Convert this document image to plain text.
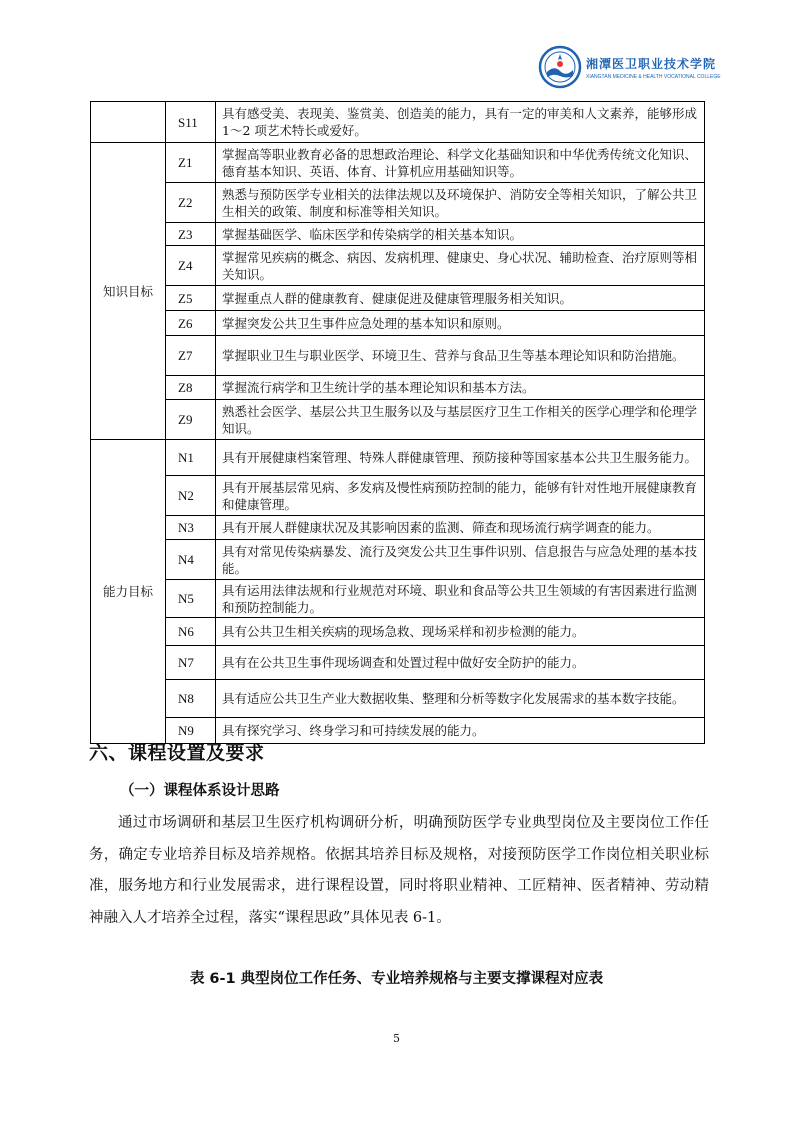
湘潭医卫职业技术学院
XIANGTAN MEDICINE & HEALTH VOCATIONAL COLLEGE
	S11	具有感受美、表现美、鉴赏美、创造美的能力，具有一定的审美和人文素养，能够形成 1～2 项艺术特长或爱好。
知识目标	Z1	掌握高等职业教育必备的思想政治理论、科学文化基础知识和中华优秀传统文化知识、德育基本知识、英语、体育、计算机应用基础知识等。
	Z2	熟悉与预防医学专业相关的法律法规以及环境保护、消防安全等相关知识，了解公共卫生相关的政策、制度和标准等相关知识。
	Z3	掌握基础医学、临床医学和传染病学的相关基本知识。
	Z4	掌握常见疾病的概念、病因、发病机理、健康史、身心状况、辅助检查、治疗原则等相关知识。
	Z5	掌握重点人群的健康教育、健康促进及健康管理服务相关知识。
	Z6	掌握突发公共卫生事件应急处理的基本知识和原则。
	Z7	掌握职业卫生与职业医学、环境卫生、营养与食品卫生等基本理论知识和防治措施。
	Z8	掌握流行病学和卫生统计学的基本理论知识和基本方法。
	Z9	熟悉社会医学、基层公共卫生服务以及与基层医疗卫生工作相关的医学心理学和伦理学知识。
能力目标	N1	具有开展健康档案管理、特殊人群健康管理、预防接种等国家基本公共卫生服务能力。
	N2	具有开展基层常见病、多发病及慢性病预防控制的能力，能够有针对性地开展健康教育和健康管理。
	N3	具有开展人群健康状况及其影响因素的监测、筛查和现场流行病学调查的能力。
	N4	具有对常见传染病暴发、流行及突发公共卫生事件识别、信息报告与应急处理的基本技能。
	N5	具有运用法律法规和行业规范对环境、职业和食品等公共卫生领域的有害因素进行监测和预防控制能力。
	N6	具有公共卫生相关疾病的现场急救、现场采样和初步检测的能力。
	N7	具有在公共卫生事件现场调查和处置过程中做好安全防护的能力。
	N8	具有适应公共卫生产业大数据收集、整理和分析等数字化发展需求的基本数字技能。
	N9	具有探究学习、终身学习和可持续发展的能力。
六、课程设置及要求
（一）课程体系设计思路
通过市场调研和基层卫生医疗机构调研分析，明确预防医学专业典型岗位及主要岗位工作任务，确定专业培养目标及培养规格。依据其培养目标及规格，对接预防医学工作岗位相关职业标准，服务地方和行业发展需求，进行课程设置，同时将职业精神、工匠精神、医者精神、劳动精神融入人才培养全过程，落实“课程思政”具体见表 6-1。
表 6-1 典型岗位工作任务、专业培养规格与主要支撑课程对应表
5
